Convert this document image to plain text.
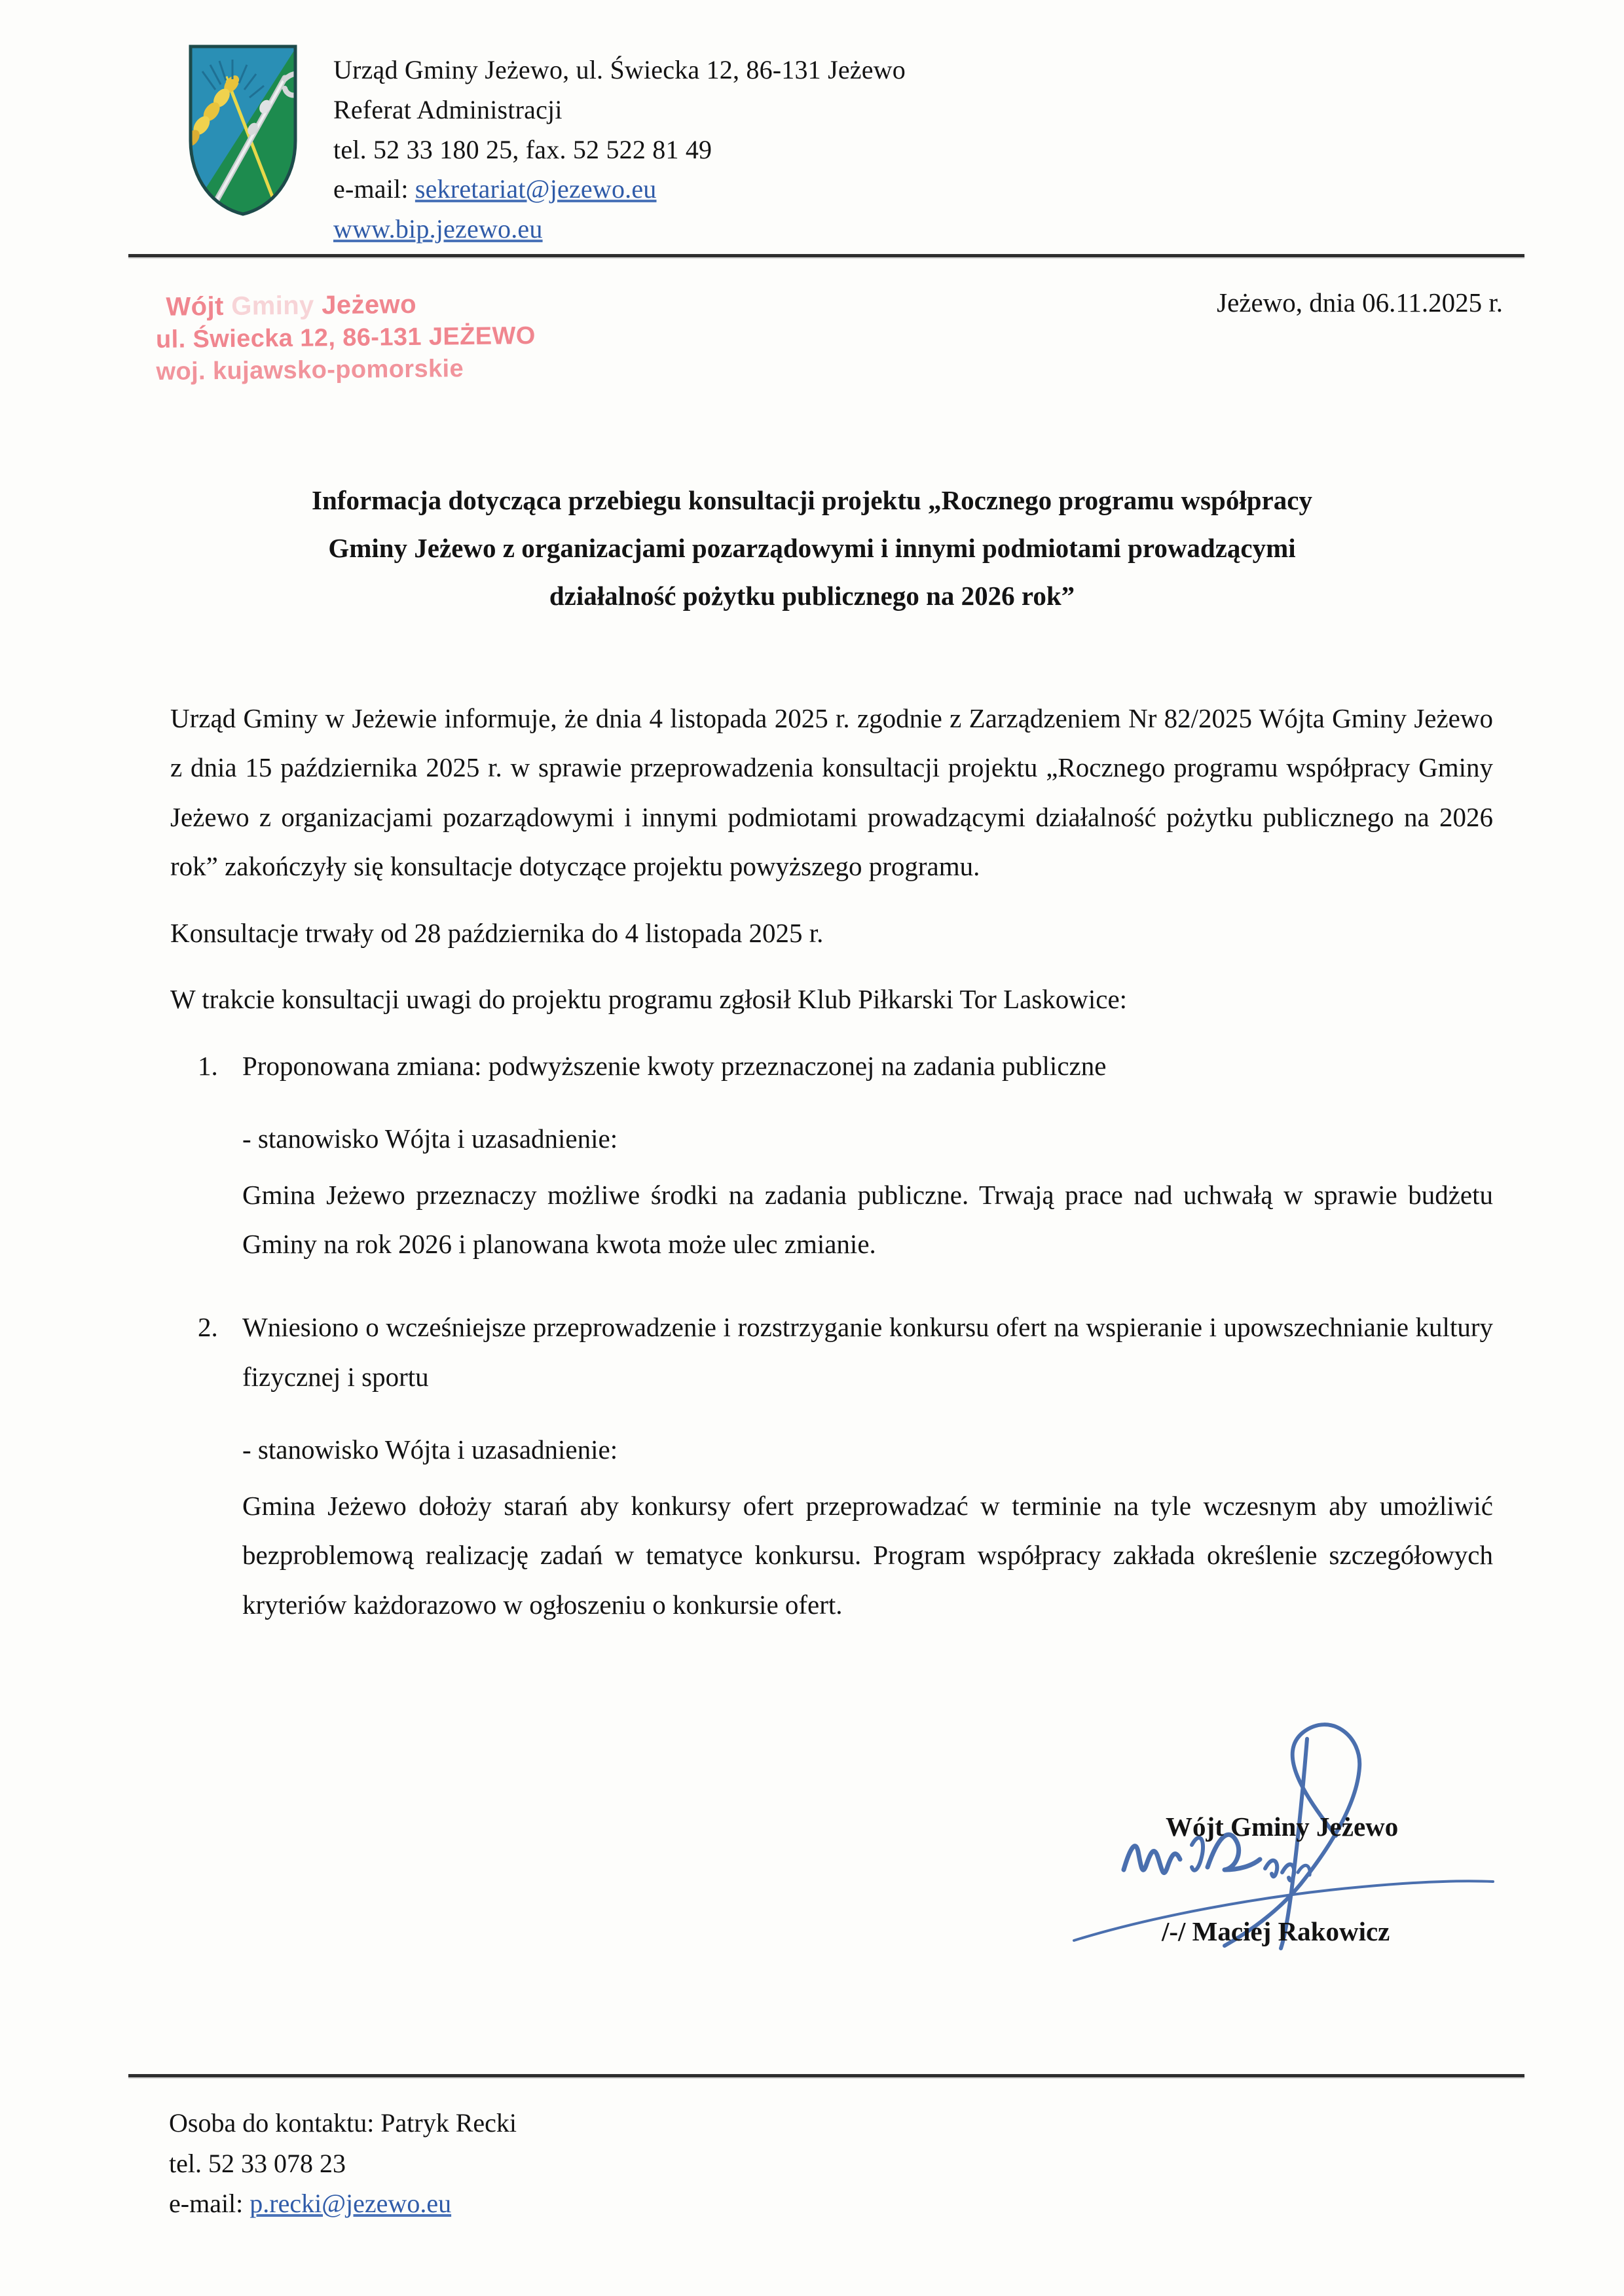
Urząd Gminy Jeżewo, ul. Świecka 12, 86-131 Jeżewo
Referat Administracji
tel. 52 33 180 25, fax. 52 522 81 49
e-mail: sekretariat@jezewo.eu
www.bip.jezewo.eu
Wójt Gminy Jeżewo
ul. Świecka 12, 86-131 JEŻEWO
woj. kujawsko-pomorskie
Jeżewo, dnia 06.11.2025 r.
Informacja dotycząca przebiegu konsultacji projektu „Rocznego programu współpracy
Gminy Jeżewo z organizacjami pozarządowymi i innymi podmiotami prowadzącymi
działalność pożytku publicznego na 2026 rok”

Urząd Gminy w Jeżewie informuje, że dnia 4 listopada 2025 r. zgodnie z Zarządzeniem Nr 82/2025 Wójta Gminy Jeżewo z dnia 15 października 2025 r. w sprawie przeprowadzenia konsultacji projektu „Rocznego programu współpracy Gminy Jeżewo z organizacjami pozarządowymi i innymi podmiotami prowadzącymi działalność pożytku publicznego na 2026 rok” zakończyły się konsultacje dotyczące projektu powyższego programu.

Konsultacje trwały od 28 października do 4 listopada 2025 r.

W trakcie konsultacji uwagi do projektu programu zgłosił Klub Piłkarski Tor Laskowice:

1. Proponowana zmiana: podwyższenie kwoty przeznaczonej na zadania publiczne

- stanowisko Wójta i uzasadnienie:

Gmina Jeżewo przeznaczy możliwe środki na zadania publiczne. Trwają prace nad uchwałą w sprawie budżetu Gminy na rok 2026 i planowana kwota może ulec zmianie.

2. Wniesiono o wcześniejsze przeprowadzenie i rozstrzyganie konkursu ofert na wspieranie i upowszechnianie kultury fizycznej i sportu

- stanowisko Wójta i uzasadnienie:

Gmina Jeżewo dołoży starań aby konkursy ofert przeprowadzać w terminie na tyle wczesnym aby umożliwić bezproblemową realizację zadań w tematyce konkursu. Program współpracy zakłada określenie szczegółowych kryteriów każdorazowo w ogłoszeniu o konkursie ofert.

Wójt Gminy Jeżewo
/-/ Maciej Rakowicz
Osoba do kontaktu: Patryk Recki
tel. 52 33 078 23
e-mail: p.recki@jezewo.eu
